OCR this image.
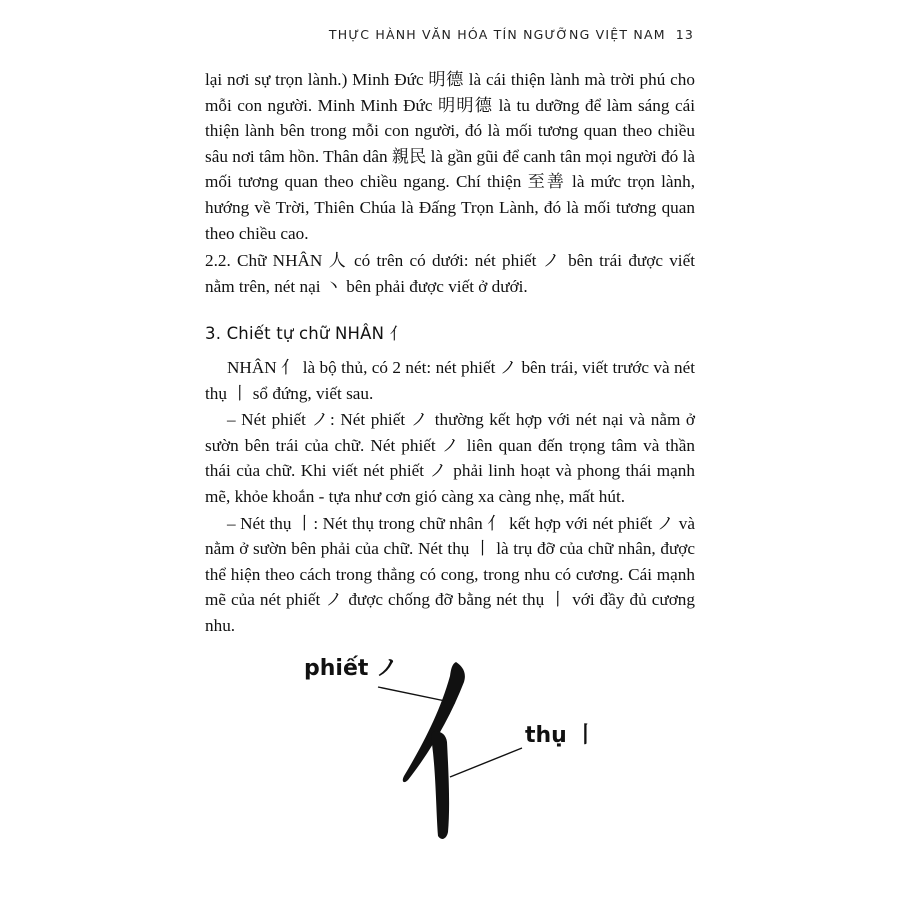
THỰC HÀNH VĂN HÓA TÍN NGƯỠNG VIỆT NAM 13

lại nơi sự trọn lành.) Minh Đức 明德 là cái thiện lành mà trời phú cho mỗi con người. Minh Minh Đức 明明德 là tu dưỡng để làm sáng cái thiện lành bên trong mỗi con người, đó là mối tương quan theo chiều sâu nơi tâm hồn. Thân dân 親民 là gần gũi để canh tân mọi người đó là mối tương quan theo chiều ngang. Chí thiện 至善 là mức trọn lành, hướng về Trời, Thiên Chúa là Đấng Trọn Lành, đó là mối tương quan theo chiều cao.

2.2. Chữ NHÂN 人 có trên có dưới: nét phiết ノ bên trái được viết nằm trên, nét nại 丶 bên phải được viết ở dưới.

3. Chiết tự chữ NHÂN 亻

NHÂN 亻 là bộ thủ, có 2 nét: nét phiết ノ bên trái, viết trước và nét thụ 丨 sổ đứng, viết sau.

– Nét phiết ノ: Nét phiết ノ thường kết hợp với nét nại và nằm ở sườn bên trái của chữ. Nét phiết ノ liên quan đến trọng tâm và thần thái của chữ. Khi viết nét phiết ノ phải linh hoạt và phong thái mạnh mẽ, khỏe khoắn - tựa như cơn gió càng xa càng nhẹ, mất hút.

– Nét thụ 丨: Nét thụ trong chữ nhân 亻 kết hợp với nét phiết ノ và nằm ở sườn bên phải của chữ. Nét thụ 丨 là trụ đỡ của chữ nhân, được thể hiện theo cách trong thẳng có cong, trong nhu có cương. Cái mạnh mẽ của nét phiết ノ được chống đỡ bằng nét thụ 丨 với đầy đủ cương nhu.

phiết ノ
thụ 丨
